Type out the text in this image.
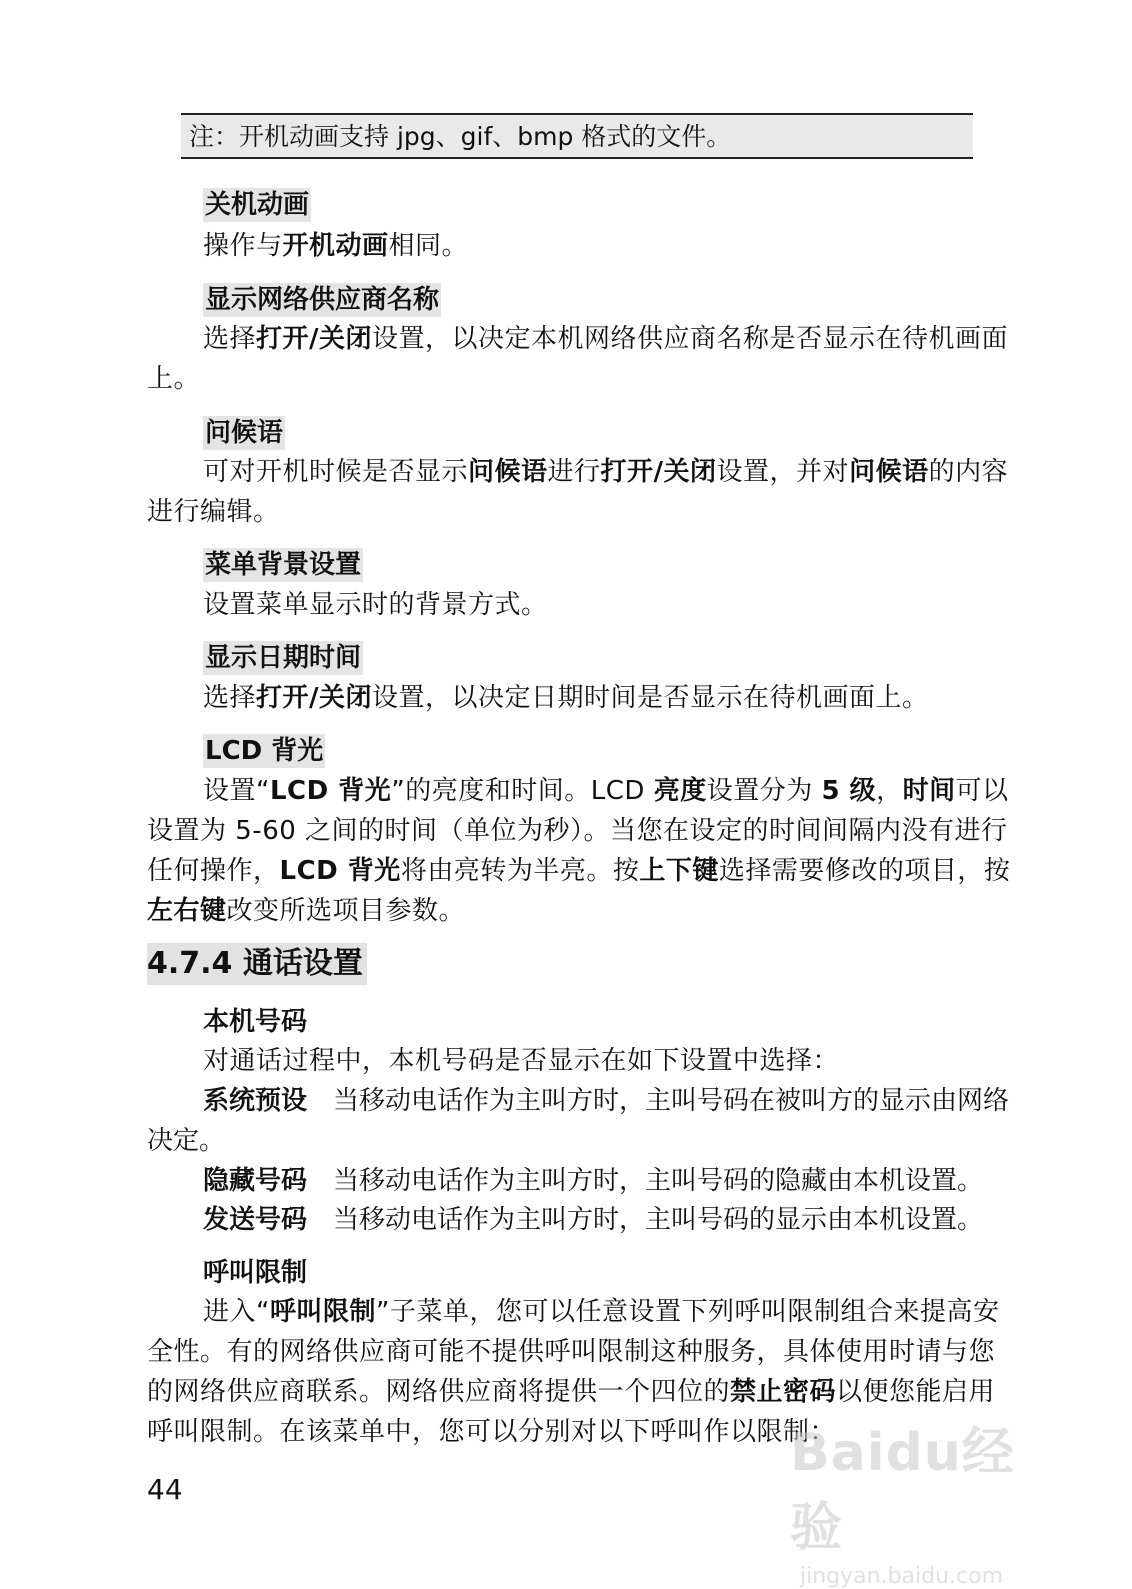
注：开机动画支持 jpg、gif、bmp 格式的文件。
关机动画
操作与开机动画相同。
显示网络供应商名称
选择打开/关闭设置，以决定本机网络供应商名称是否显示在待机画面上。
问候语
可对开机时候是否显示问候语进行打开/关闭设置，并对问候语的内容进行编辑。
菜单背景设置
设置菜单显示时的背景方式。
显示日期时间
选择打开/关闭设置，以决定日期时间是否显示在待机画面上。
LCD 背光
设置“LCD 背光”的亮度和时间。LCD 亮度设置分为 5 级，时间可以设置为 5-60 之间的时间（单位为秒）。当您在设定的时间间隔内没有进行任何操作，LCD 背光将由亮转为半亮。按上下键选择需要修改的项目，按左右键改变所选项目参数。
4.7.4 通话设置
本机号码
对通话过程中，本机号码是否显示在如下设置中选择：
系统预设 当移动电话作为主叫方时，主叫号码在被叫方的显示由网络决定。
隐藏号码 当移动电话作为主叫方时，主叫号码的隐藏由本机设置。
发送号码 当移动电话作为主叫方时，主叫号码的显示由本机设置。
呼叫限制
进入“呼叫限制”子菜单，您可以任意设置下列呼叫限制组合来提高安全性。有的网络供应商可能不提供呼叫限制这种服务，具体使用时请与您的网络供应商联系。网络供应商将提供一个四位的禁止密码以便您能启用呼叫限制。在该菜单中，您可以分别对以下呼叫作以限制：
44
Baidu经验
jingyan.baidu.com
